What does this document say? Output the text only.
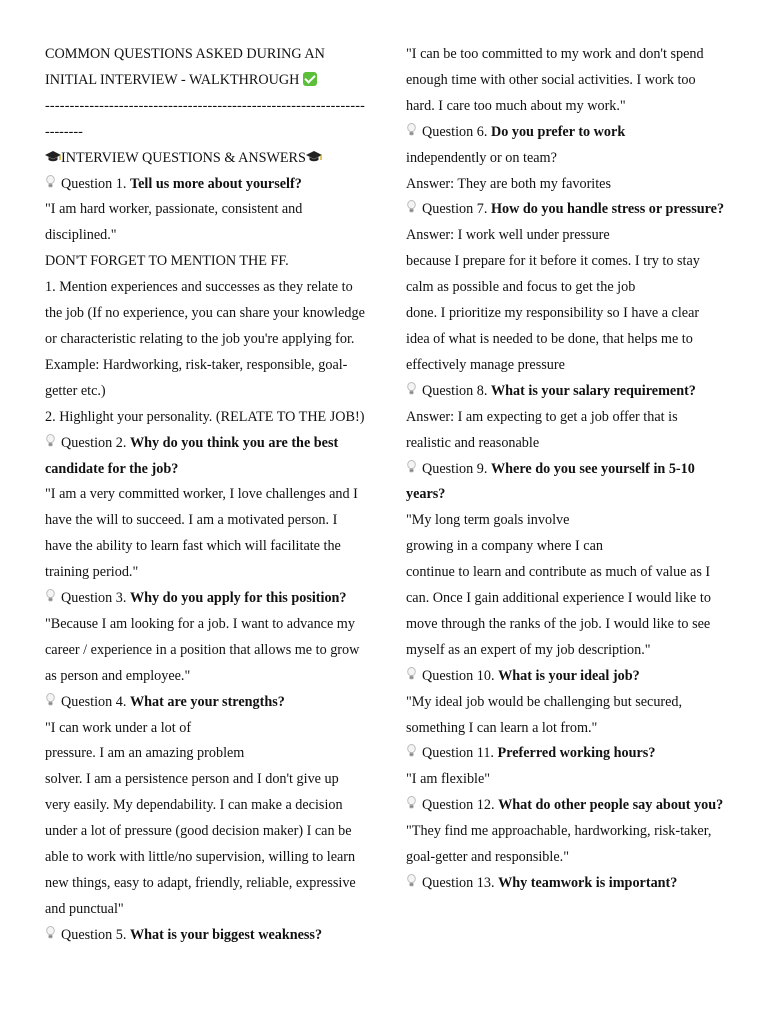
COMMON QUESTIONS ASKED DURING AN

INITIAL INTERVIEW - WALKTHROUGH

-----------------------------------------------------------------

--------

INTERVIEW QUESTIONS & ANSWERS

Question 1. Tell us more about yourself?

"I am hard worker, passionate, consistent and disciplined."

DON'T FORGET TO MENTION THE FF.

1. Mention experiences and successes as they relate to the job (If no experience, you can share your knowledge or characteristic relating to the job you're applying for. Example: Hardworking, risk-taker, responsible, goal-getter etc.)

2. Highlight your personality. (RELATE TO THE JOB!)

Question 2. Why do you think you are the best candidate for the job?

"I am a very committed worker, I love challenges and I have the will to succeed. I am a motivated person. I have the ability to learn fast which will facilitate the training period."

Question 3. Why do you apply for this position?

"Because I am looking for a job. I want to advance my career / experience in a position that allows me to grow as person and employee."

Question 4. What are your strengths?

"I can work under a lot of

pressure. I am an amazing problem

solver. I am a persistence person and I don't give up very easily. My dependability. I can make a decision under a lot of pressure (good decision maker) I can be able to work with little/no supervision, willing to learn new things, easy to adapt, friendly, reliable, expressive and punctual"

Question 5. What is your biggest weakness?

"I can be too committed to my work and don't spend enough time with other social activities. I work too hard. I care too much about my work."

Question 6. Do you prefer to work

independently or on team?

Answer: They are both my favorites

Question 7. How do you handle stress or pressure?

Answer: I work well under pressure

because I prepare for it before it comes. I try to stay calm as possible and focus to get the job

done. I prioritize my responsibility so I have a clear idea of what is needed to be done, that helps me to effectively manage pressure

Question 8. What is your salary requirement?

Answer: I am expecting to get a job offer that is realistic and reasonable

Question 9. Where do you see yourself in 5-10 years?

"My long term goals involve

growing in a company where I can

continue to learn and contribute as much of value as I can. Once I gain additional experience I would like to move through the ranks of the job. I would like to see myself as an expert of my job description."

Question 10. What is your ideal job?

"My ideal job would be challenging but secured, something I can learn a lot from."

Question 11. Preferred working hours?

"I am flexible"

Question 12. What do other people say about you?

"They find me approachable, hardworking, risk-taker, goal-getter and responsible."

Question 13. Why teamwork is important?
